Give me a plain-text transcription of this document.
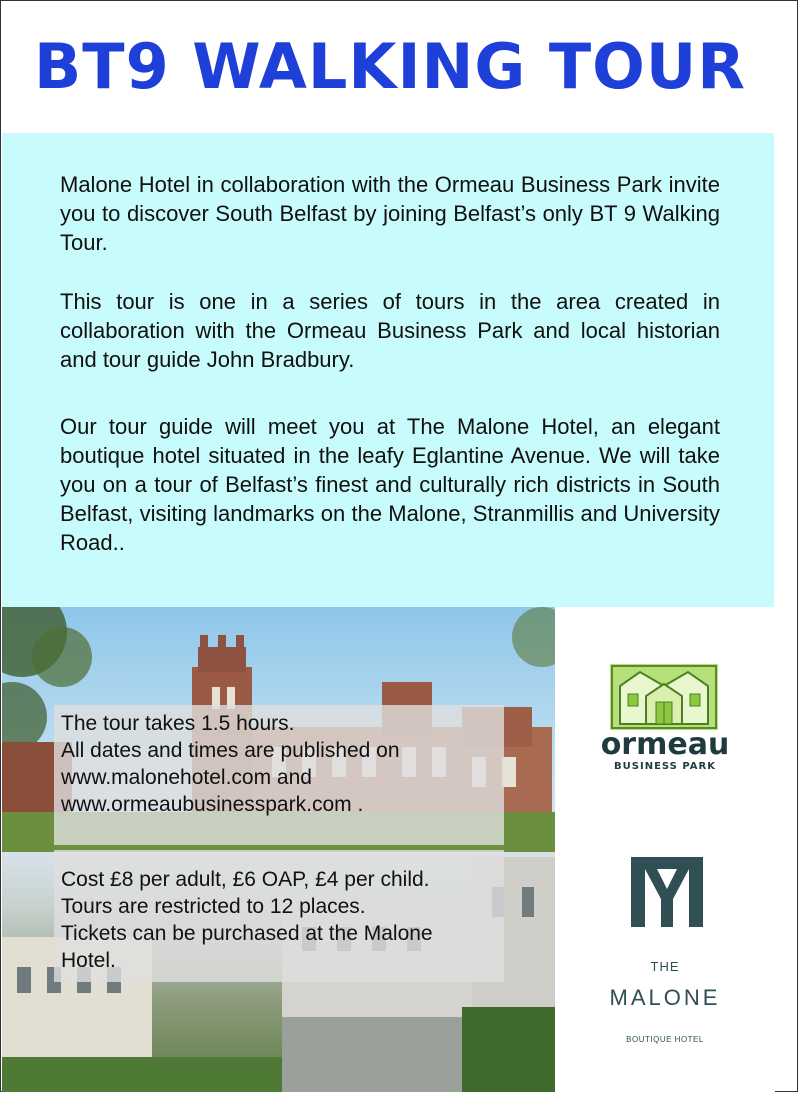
BT9 WALKING TOUR

Malone Hotel in collaboration with the Ormeau Business Park invite you to discover South Belfast by joining Belfast’s only BT 9 Walking Tour.

This tour is one in a series of tours in the area created in collaboration with the Ormeau Business Park and local historian and tour guide John Bradbury.

Our tour guide will meet you at The Malone Hotel, an elegant boutique hotel situated in the leafy Eglantine Avenue. We will take you on a tour of Belfast’s finest and culturally rich districts in South Belfast, visiting landmarks on the Malone, Stranmillis and University Road..

The tour takes 1.5 hours.

All dates and times are published on

www.malonehotel.com and

www.ormeaubusinesspark.com .

Cost £8 per adult, £6 OAP, £4 per child.

Tours are restricted to 12 places.

Tickets can be purchased at the Malone

Hotel.

ormeau
BUSINESS PARK
THE
MALONE
BOUTIQUE HOTEL
